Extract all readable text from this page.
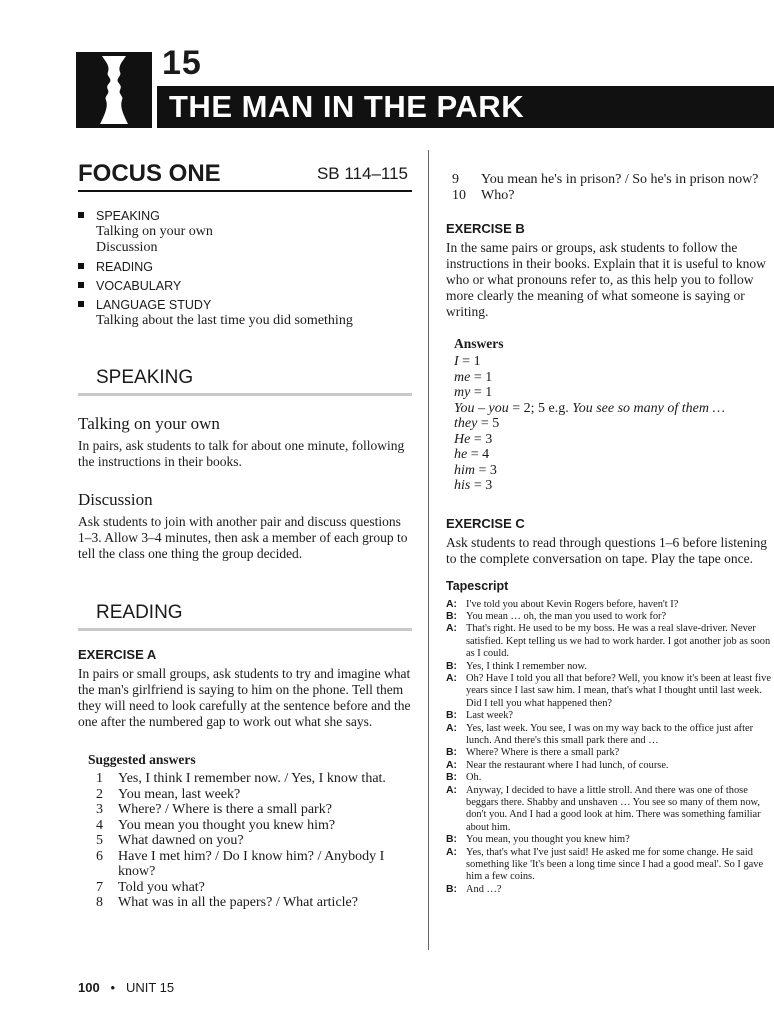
15
THE MAN IN THE PARK
FOCUS ONE	SB 114–115
SPEAKING
Talking on your own
Discussion
READING
VOCABULARY
LANGUAGE STUDY
Talking about the last time you did something
SPEAKING
Talking on your own

In pairs, ask students to talk for about one minute, following the instructions in their books.

Discussion

Ask students to join with another pair and discuss questions 1–3. Allow 3–4 minutes, then ask a member of each group to tell the class one thing the group decided.

READING
EXERCISE A

In pairs or small groups, ask students to try and imagine what the man's girlfriend is saying to him on the phone. Tell them they will need to look carefully at the sentence before and the one after the numbered gap to work out what she says.

Suggested answers
1 Yes, I think I remember now. / Yes, I know that.
2 You mean, last week?
3 Where? / Where is there a small park?
4 You mean you thought you knew him?
5 What dawned on you?
6 Have I met him? / Do I know him? / Anybody I know?
7 Told you what?
8 What was in all the papers? / What article?
9 You mean he's in prison? / So he's in prison now?
10 Who?
EXERCISE B

In the same pairs or groups, ask students to follow the instructions in their books. Explain that it is useful to know who or what pronouns refer to, as this help you to follow more clearly the meaning of what someone is saying or writing.

Answers
I = 1
me = 1
my = 1
You – you = 2; 5 e.g. You see so many of them …
they = 5
He = 3
he = 4
him = 3
his = 3
EXERCISE C

Ask students to read through questions 1–6 before listening to the complete conversation on tape. Play the tape once.

Tapescript
A: I've told you about Kevin Rogers before, haven't I?
B: You mean … oh, the man you used to work for?
A: That's right. He used to be my boss. He was a real slave-driver. Never satisfied. Kept telling us we had to work harder. I got another job as soon as I could.
B: Yes, I think I remember now.
A: Oh? Have I told you all that before? Well, you know it's been at least five years since I last saw him. I mean, that's what I thought until last week. Did I tell you what happened then?
B: Last week?
A: Yes, last week. You see, I was on my way back to the office just after lunch. And there's this small park there and …
B: Where? Where is there a small park?
A: Near the restaurant where I had lunch, of course.
B: Oh.
A: Anyway, I decided to have a little stroll. And there was one of those beggars there. Shabby and unshaven … You see so many of them now, don't you. And I had a good look at him. There was something familiar about him.
B: You mean, you thought you knew him?
A: Yes, that's what I've just said! He asked me for some change. He said something like 'It's been a long time since I had a good meal'. So I gave him a few coins.
B: And …?
100 • UNIT 15
